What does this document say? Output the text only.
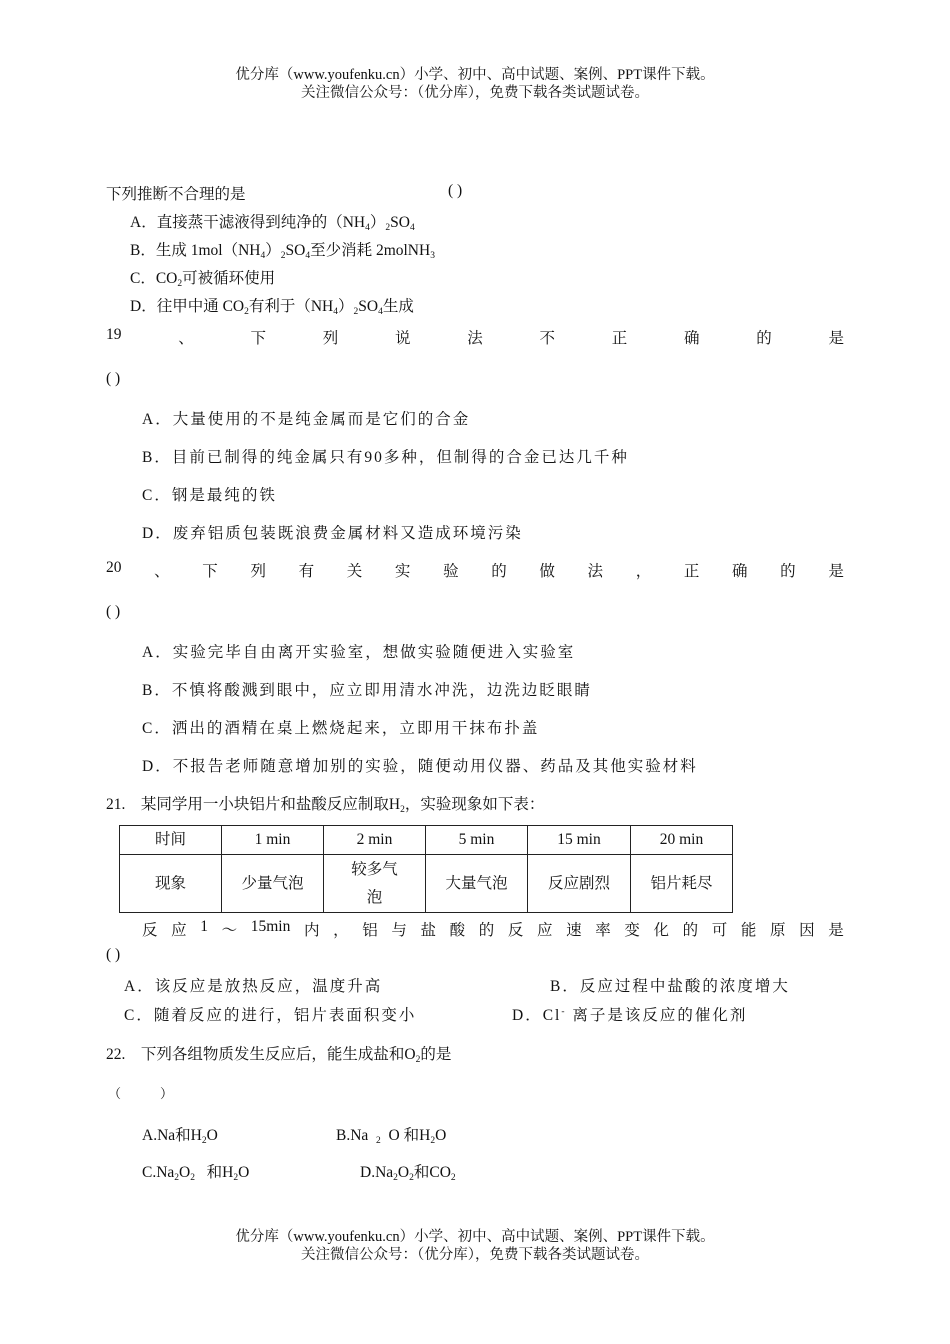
优分库（www.youfenku.cn）小学、初中、高中试题、案例、PPT课件下载。
关注微信公众号：（优分库），免费下载各类试题试卷。
下列推断不合理的是	( )
A．直接蒸干滤液得到纯净的$(NH_4)_2SO_4$
B．生成 $1mol(NH_4)_2SO_4$至少消耗 2molNH$_3$
C．$CO_2$可被循环使用
D．往甲中通 $CO_2$有利于$(NH_4)_2SO_4$生成
19	、	下	列	说	法	不	正	确	的	是
( )
A．大量使用的不是纯金属而是它们的合金
B．目前已制得的纯金属只有90多种，但制得的合金已达几千种
C．钢是最纯的铁
D．废弃铝质包装既浪费金属材料又造成环境污染
20 、 下 列 有 关 实 验 的 做 法 ， 正 确 的 是
( )
A．实验完毕自由离开实验室，想做实验随便进入实验室
B．不慎将酸溅到眼中，应立即用清水冲洗，边洗边眨眼睛
C．洒出的酒精在桌上燃烧起来，立即用干抹布扑盖
D．不报告老师随意增加别的实验，随便动用仪器、药品及其他实验材料
21.　某同学用一小块铝片和盐酸反应制取$H_2$，实验现象如下表：
时间	1 min	2 min	5 min	15 min	20 min
现象	少量气泡	较多气泡	大量气泡	反应剧烈	铝片耗尽
反 应 1 ～ 15min 内 ， 铝 与 盐 酸 的 反 应 速 率 变 化 的 可 能 原 因 是
( )
A．该反应是放热反应，温度升高	B．反应过程中盐酸的浓度增大
C．随着反应的进行，铝片表面积变小	D．Cl- 离子是该反应的催化剂
22.　下列各组物质发生反应后，能生成盐和$O_2$的是
（　　　）
A.Na和$H_2O$	B.Na $_2$ O 和$H_2O$
$C.Na_2O_2$ 和$H_2O$	$D.Na_2O_2$和$CO_2$
优分库（www.youfenku.cn）小学、初中、高中试题、案例、PPT课件下载。
关注微信公众号：（优分库），免费下载各类试题试卷。
